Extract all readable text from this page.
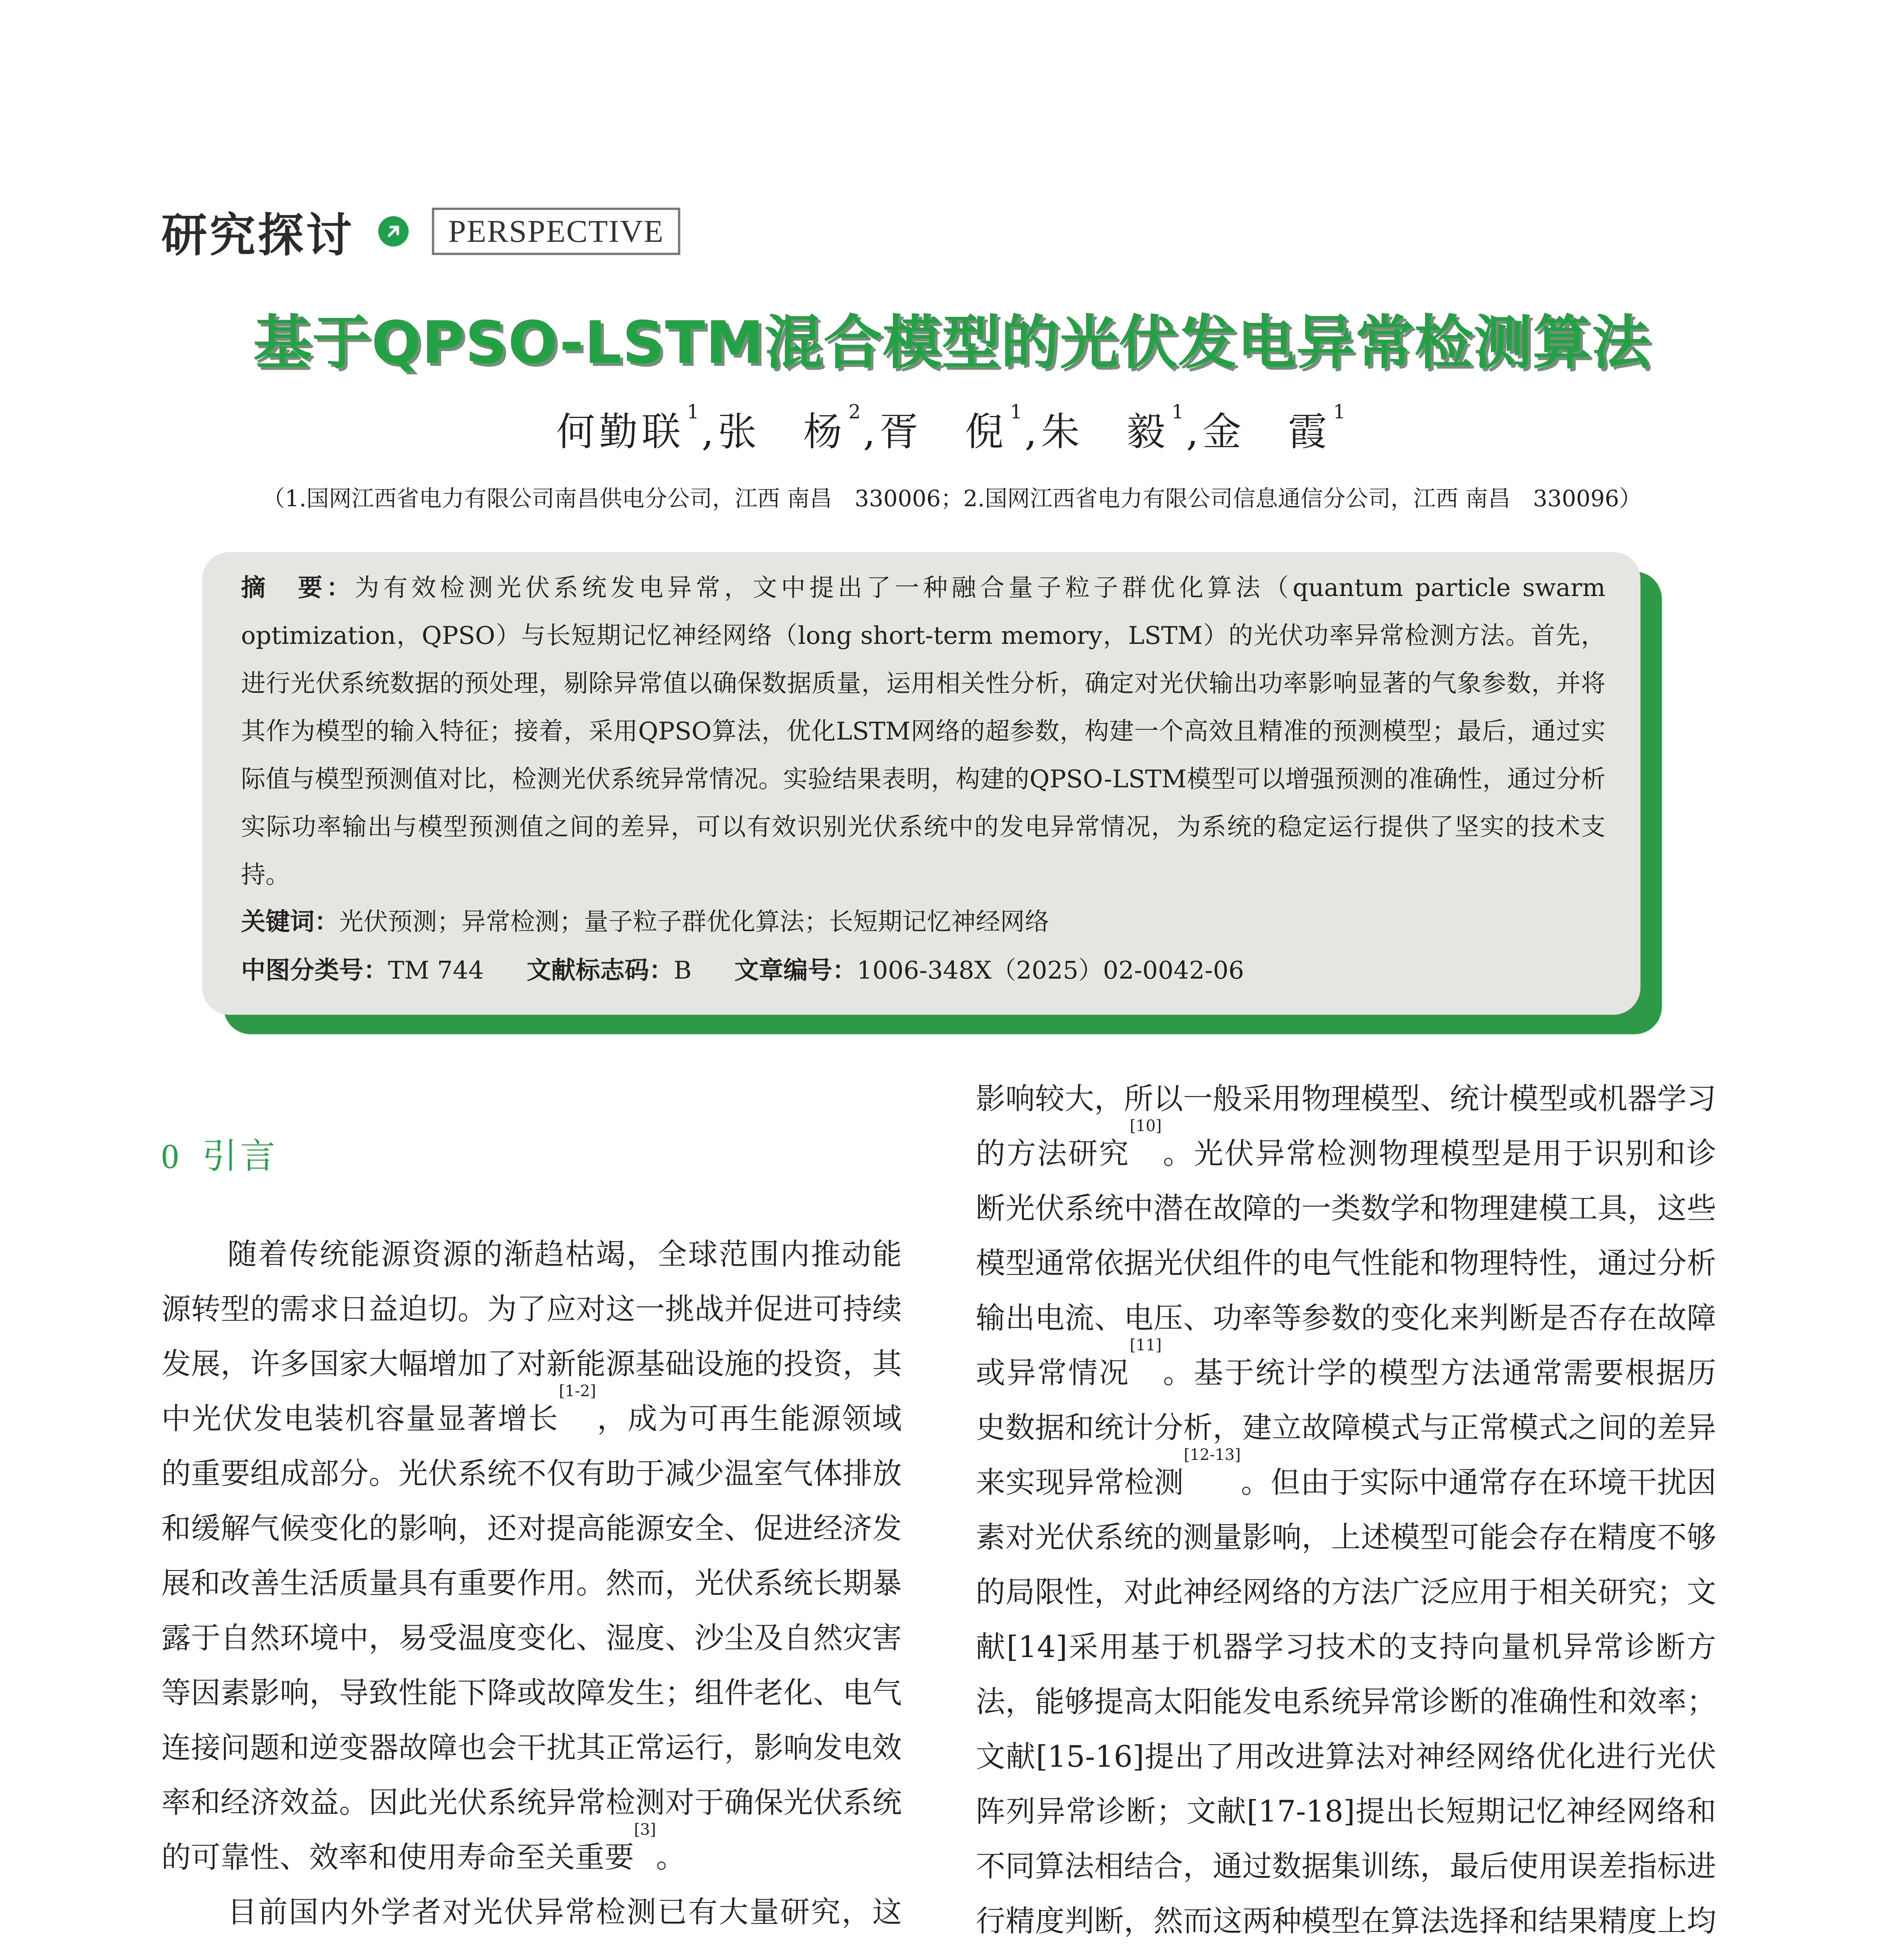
研究探讨	PERSPECTIVE
基于QPSO-LSTM混合模型的光伏发电异常检测算法
何勤联 $^1$,张　杨 $^2$,胥　倪 $^1$,朱　毅 $^1$,金　霞 $^1$
（1.国网江西省电力有限公司南昌供电分公司，江西 南昌　330006；2.国网江西省电力有限公司信息通信分公司，江西 南昌　330096）
摘　要：为有效检测光伏系统发电异常，文中提出了一种融合量子粒子群优化算法（quantum particle swarm optimization，QPSO）与长短期记忆神经网络（long short-term memory，LSTM）的光伏功率异常检测方法。首先，进行光伏系统数据的预处理，剔除异常值以确保数据质量，运用相关性分析，确定对光伏输出功率影响显著的气象参数，并将其作为模型的输入特征；接着，采用QPSO算法，优化LSTM网络的超参数，构建一个高效且精准的预测模型；最后，通过实际值与模型预测值对比，检测光伏系统异常情况。实验结果表明，构建的QPSO-LSTM模型可以增强预测的准确性，通过分析实际功率输出与模型预测值之间的差异，可以有效识别光伏系统中的发电异常情况，为系统的稳定运行提供了坚实的技术支持。
关键词：光伏预测；异常检测；量子粒子群优化算法；长短期记忆神经网络
中图分类号：TM 744 文献标志码：B 文章编号：1006-348X（2025）02-0042-06
0 引言

随着传统能源资源的渐趋枯竭，全球范围内推动能源转型的需求日益迫切。为了应对这一挑战并促进可持续发展，许多国家大幅增加了对新能源基础设施的投资，其中光伏发电装机容量显著增长[1-2]，成为可再生能源领域的重要组成部分。光伏系统不仅有助于减少温室气体排放和缓解气候变化的影响，还对提高能源安全、促进经济发展和改善生活质量具有重要作用。然而，光伏系统长期暴露于自然环境中，易受温度变化、湿度、沙尘及自然灾害等因素影响，导致性能下降或故障发生；组件老化、电气连接问题和逆变器故障也会干扰其正常运行，影响发电效率和经济效益。因此光伏系统异常检测对于确保光伏系统的可靠性、效率和使用寿命至关重要[3]。

目前国内外学者对光伏异常检测已有大量研究，这

影响较大，所以一般采用物理模型、统计模型或机器学习的方法研究[10]。光伏异常检测物理模型是用于识别和诊断光伏系统中潜在故障的一类数学和物理建模工具，这些模型通常依据光伏组件的电气性能和物理特性，通过分析输出电流、电压、功率等参数的变化来判断是否存在故障或异常情况[11]。基于统计学的模型方法通常需要根据历史数据和统计分析，建立故障模式与正常模式之间的差异来实现异常检测[12-13]。但由于实际中通常存在环境干扰因素对光伏系统的测量影响，上述模型可能会存在精度不够的局限性，对此神经网络的方法广泛应用于相关研究；文献[14]采用基于机器学习技术的支持向量机异常诊断方法，能够提高太阳能发电系统异常诊断的准确性和效率；文献[15-16]提出了用改进算法对神经网络优化进行光伏阵列异常诊断；文献[17-18]提出长短期记忆神经网络和不同算法相结合，通过数据集训练，最后使用误差指标进行精度判断，然而这两种模型在算法选择和结果精度上均
